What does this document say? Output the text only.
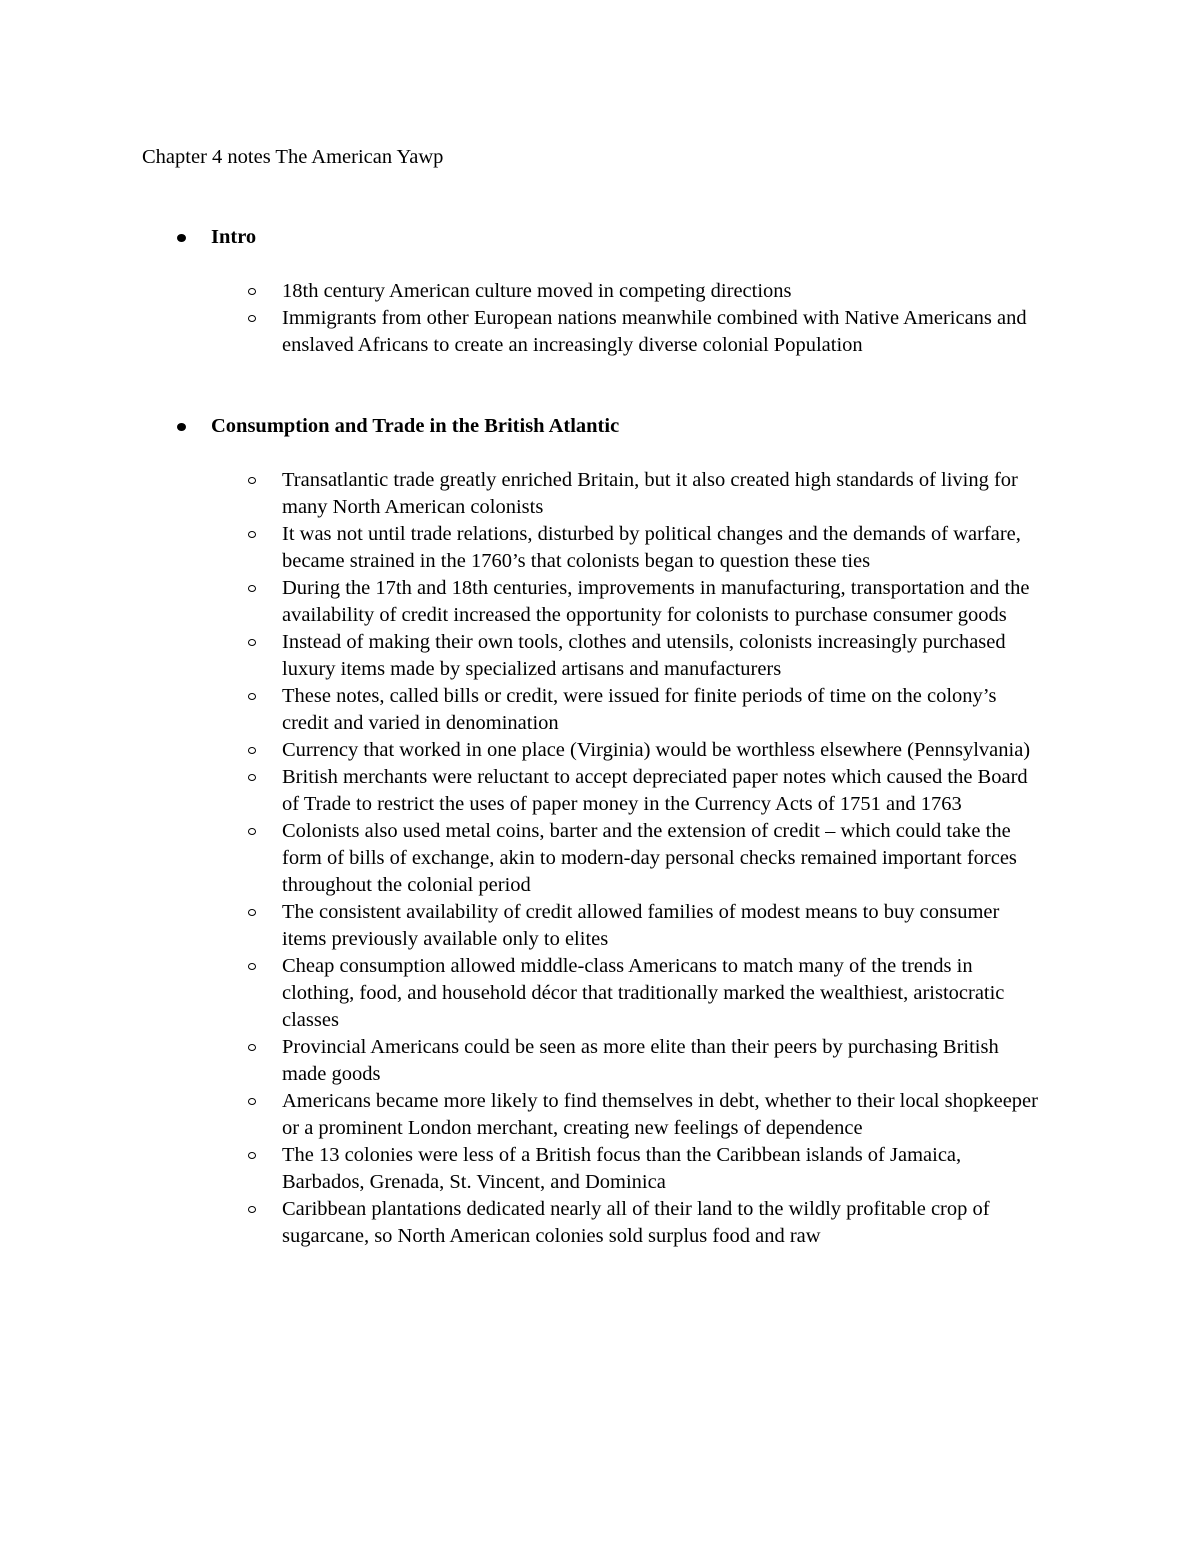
Chapter 4 notes The American Yawp
Intro
18th century American culture moved in competing directions
Immigrants from other European nations meanwhile combined with Native Americans and enslaved Africans to create an increasingly diverse colonial Population
Consumption and Trade in the British Atlantic
Transatlantic trade greatly enriched Britain, but it also created high standards of living for many North American colonists
It was not until trade relations, disturbed by political changes and the demands of warfare, became strained in the 1760’s that colonists began to question these ties
During the 17th and 18th centuries, improvements in manufacturing, transportation and the availability of credit increased the opportunity for colonists to purchase consumer goods
Instead of making their own tools, clothes and utensils, colonists increasingly purchased luxury items made by specialized artisans and manufacturers
These notes, called bills or credit, were issued for finite periods of time on the colony’s credit and varied in denomination
Currency that worked in one place (Virginia) would be worthless elsewhere (Pennsylvania)
British merchants were reluctant to accept depreciated paper notes which caused the Board of Trade to restrict the uses of paper money in the Currency Acts of 1751 and 1763
Colonists also used metal coins, barter and the extension of credit – which could take the form of bills of exchange, akin to modern-day personal checks remained important forces throughout the colonial period
The consistent availability of credit allowed families of modest means to buy consumer items previously available only to elites
Cheap consumption allowed middle-class Americans to match many of the trends in clothing, food, and household décor that traditionally marked the wealthiest, aristocratic classes
Provincial Americans could be seen as more elite than their peers by purchasing British made goods
Americans became more likely to find themselves in debt, whether to their local shopkeeper or a prominent London merchant, creating new feelings of dependence
The 13 colonies were less of a British focus than the Caribbean islands of Jamaica, Barbados, Grenada, St. Vincent, and Dominica
Caribbean plantations dedicated nearly all of their land to the wildly profitable crop of sugarcane, so North American colonies sold surplus food and raw
